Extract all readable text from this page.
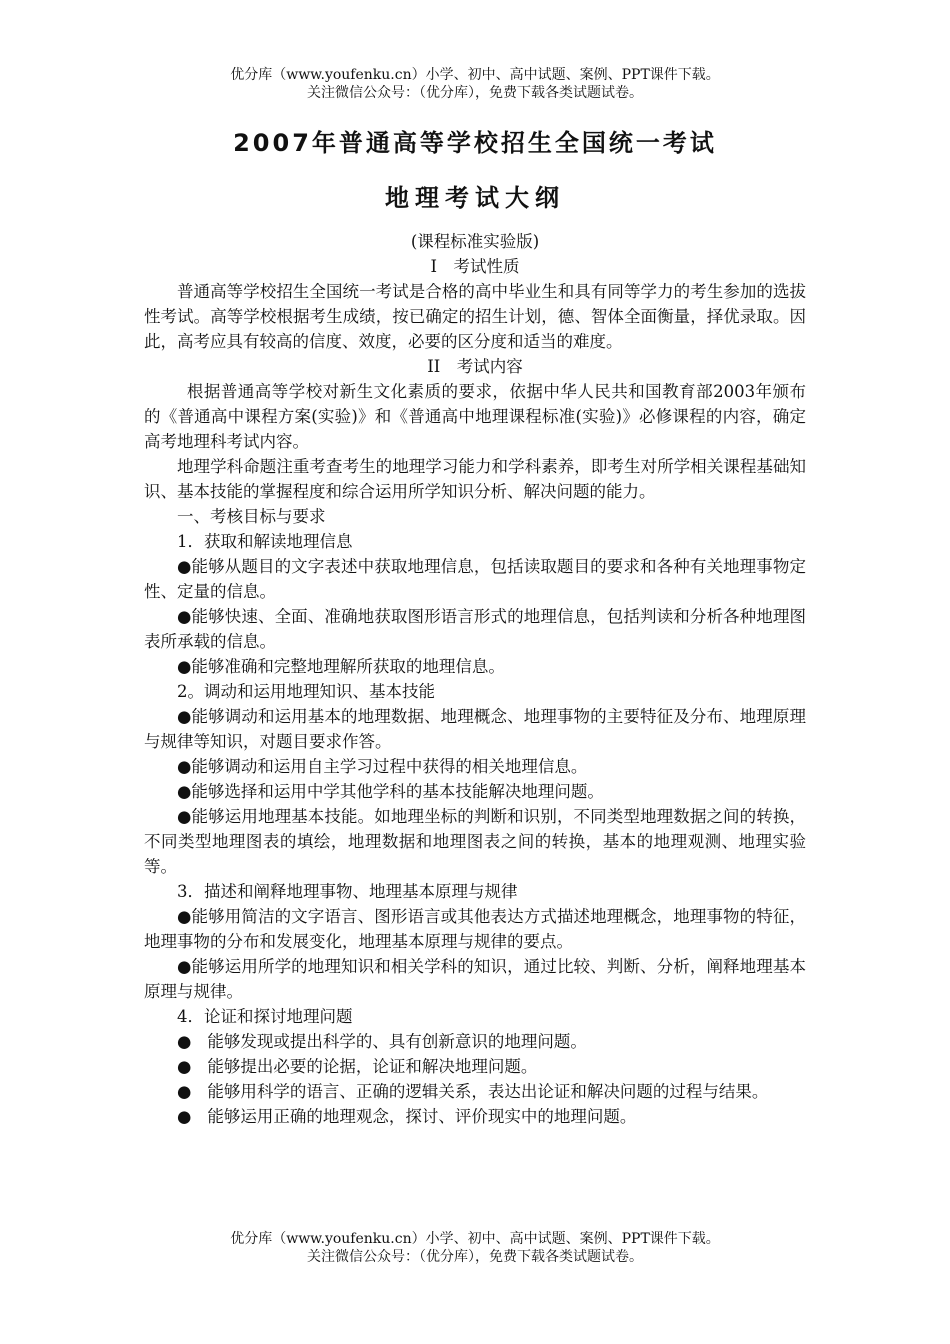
优分库（www.youfenku.cn）小学、初中、高中试题、案例、PPT课件下载。
关注微信公众号：（优分库），免费下载各类试题试卷。
2007年普通高等学校招生全国统一考试
地理考试大纲

(课程标准实验版)

I　考试性质

普通高等学校招生全国统一考试是合格的高中毕业生和具有同等学力的考生参加的选拔性考试。高等学校根据考生成绩，按已确定的招生计划，德、智体全面衡量，择优录取。因此，高考应具有较高的信度、效度，必要的区分度和适当的难度。

II　考试内容

根据普通高等学校对新生文化素质的要求，依据中华人民共和国教育部2003年颁布的《普通高中课程方案(实验)》和《普通高中地理课程标准(实验)》必修课程的内容，确定高考地理科考试内容。

地理学科命题注重考查考生的地理学习能力和学科素养，即考生对所学相关课程基础知识、基本技能的掌握程度和综合运用所学知识分析、解决问题的能力。

一、考核目标与要求

1．获取和解读地理信息

●能够从题目的文字表述中获取地理信息，包括读取题目的要求和各种有关地理事物定性、定量的信息。

●能够快速、全面、准确地获取图形语言形式的地理信息，包括判读和分析各种地理图表所承载的信息。

●能够准确和完整地理解所获取的地理信息。

2。调动和运用地理知识、基本技能

●能够调动和运用基本的地理数据、地理概念、地理事物的主要特征及分布、地理原理与规律等知识，对题目要求作答。

●能够调动和运用自主学习过程中获得的相关地理信息。

●能够选择和运用中学其他学科的基本技能解决地理问题。

●能够运用地理基本技能。如地理坐标的判断和识别，不同类型地理数据之间的转换，不同类型地理图表的填绘，地理数据和地理图表之间的转换，基本的地理观测、地理实验等。

3．描述和阐释地理事物、地理基本原理与规律

●能够用简洁的文字语言、图形语言或其他表达方式描述地理概念，地理事物的特征，地理事物的分布和发展变化，地理基本原理与规律的要点。

●能够运用所学的地理知识和相关学科的知识，通过比较、判断、分析，阐释地理基本原理与规律。

4．论证和探讨地理问题

● 能够发现或提出科学的、具有创新意识的地理问题。

● 能够提出必要的论据，论证和解决地理问题。

● 能够用科学的语言、正确的逻辑关系，表达出论证和解决问题的过程与结果。

● 能够运用正确的地理观念，探讨、评价现实中的地理问题。

优分库（www.youfenku.cn）小学、初中、高中试题、案例、PPT课件下载。
关注微信公众号：（优分库），免费下载各类试题试卷。
